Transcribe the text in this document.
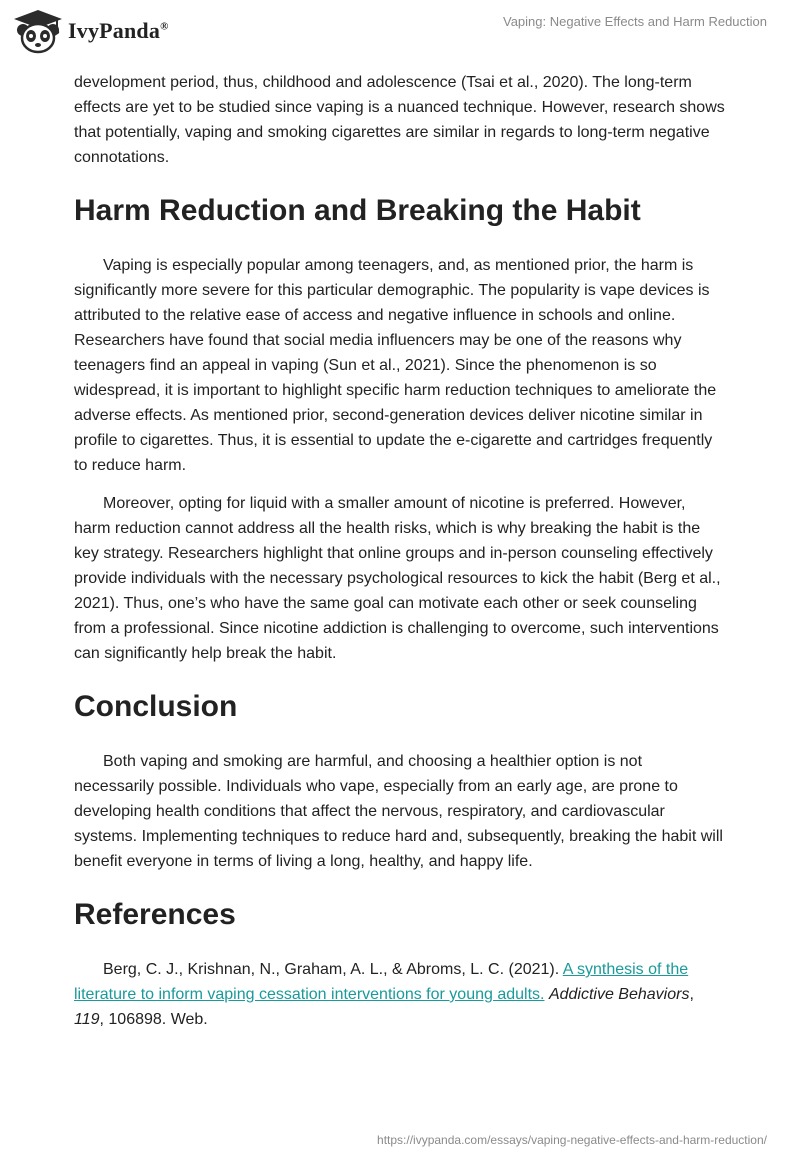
IvyPanda®	Vaping: Negative Effects and Harm Reduction

development period, thus, childhood and adolescence (Tsai et al., 2020). The long-term effects are yet to be studied since vaping is a nuanced technique. However, research shows that potentially, vaping and smoking cigarettes are similar in regards to long-term negative connotations.

Harm Reduction and Breaking the Habit

Vaping is especially popular among teenagers, and, as mentioned prior, the harm is significantly more severe for this particular demographic. The popularity is vape devices is attributed to the relative ease of access and negative influence in schools and online. Researchers have found that social media influencers may be one of the reasons why teenagers find an appeal in vaping (Sun et al., 2021). Since the phenomenon is so widespread, it is important to highlight specific harm reduction techniques to ameliorate the adverse effects. As mentioned prior, second-generation devices deliver nicotine similar in profile to cigarettes. Thus, it is essential to update the e-cigarette and cartridges frequently to reduce harm.

Moreover, opting for liquid with a smaller amount of nicotine is preferred. However, harm reduction cannot address all the health risks, which is why breaking the habit is the key strategy. Researchers highlight that online groups and in-person counseling effectively provide individuals with the necessary psychological resources to kick the habit (Berg et al., 2021). Thus, one’s who have the same goal can motivate each other or seek counseling from a professional. Since nicotine addiction is challenging to overcome, such interventions can significantly help break the habit.

Conclusion

Both vaping and smoking are harmful, and choosing a healthier option is not necessarily possible. Individuals who vape, especially from an early age, are prone to developing health conditions that affect the nervous, respiratory, and cardiovascular systems. Implementing techniques to reduce hard and, subsequently, breaking the habit will benefit everyone in terms of living a long, healthy, and happy life.

References

Berg, C. J., Krishnan, N., Graham, A. L., & Abroms, L. C. (2021). A synthesis of the literature to inform vaping cessation interventions for young adults. Addictive Behaviors, 119, 106898. Web.

https://ivypanda.com/essays/vaping-negative-effects-and-harm-reduction/
